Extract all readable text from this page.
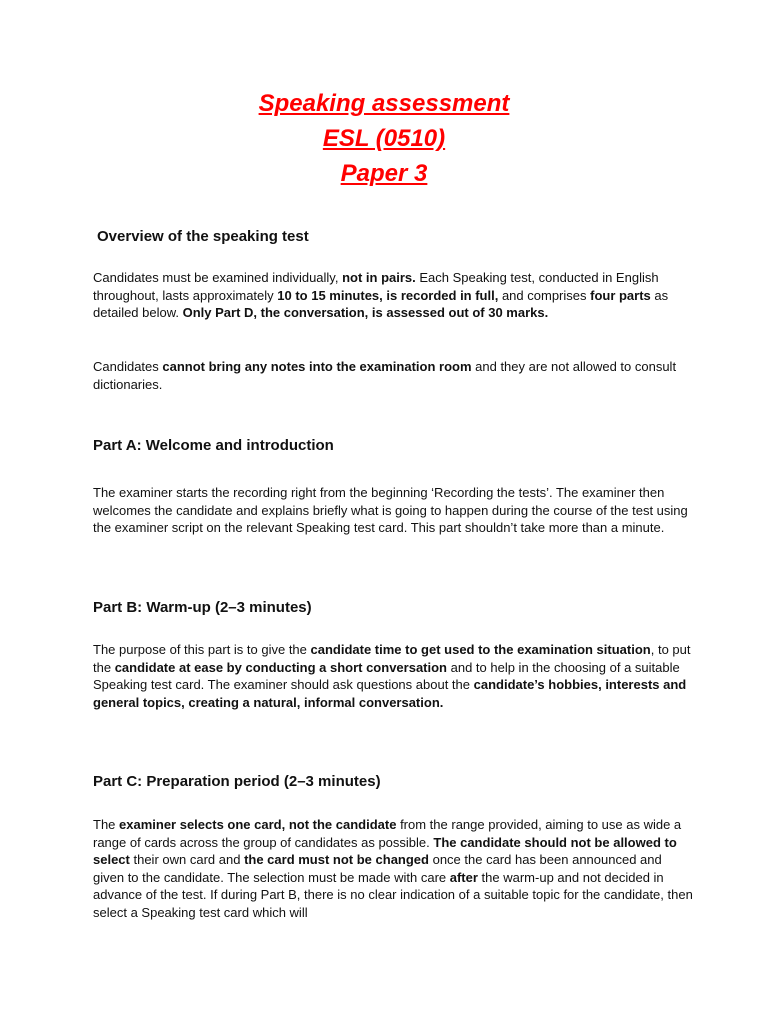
Speaking assessment
ESL (0510)
Paper 3
Overview of the speaking test

Candidates must be examined individually, not in pairs. Each Speaking test, conducted in English throughout, lasts approximately 10 to 15 minutes, is recorded in full, and comprises four parts as detailed below. Only Part D, the conversation, is assessed out of 30 marks.

Candidates cannot bring any notes into the examination room and they are not allowed to consult dictionaries.

Part A: Welcome and introduction

The examiner starts the recording right from the beginning ‘Recording the tests’. The examiner then welcomes the candidate and explains briefly what is going to happen during the course of the test using the examiner script on the relevant Speaking test card. This part shouldn’t take more than a minute.

Part B: Warm-up (2–3 minutes)

The purpose of this part is to give the candidate time to get used to the examination situation, to put the candidate at ease by conducting a short conversation and to help in the choosing of a suitable Speaking test card. The examiner should ask questions about the candidate’s hobbies, interests and general topics, creating a natural, informal conversation.

Part C: Preparation period (2–3 minutes)

The examiner selects one card, not the candidate from the range provided, aiming to use as wide a range of cards across the group of candidates as possible. The candidate should not be allowed to select their own card and the card must not be changed once the card has been announced and given to the candidate. The selection must be made with care after the warm-up and not decided in advance of the test. If during Part B, there is no clear indication of a suitable topic for the candidate, then select a Speaking test card which will
